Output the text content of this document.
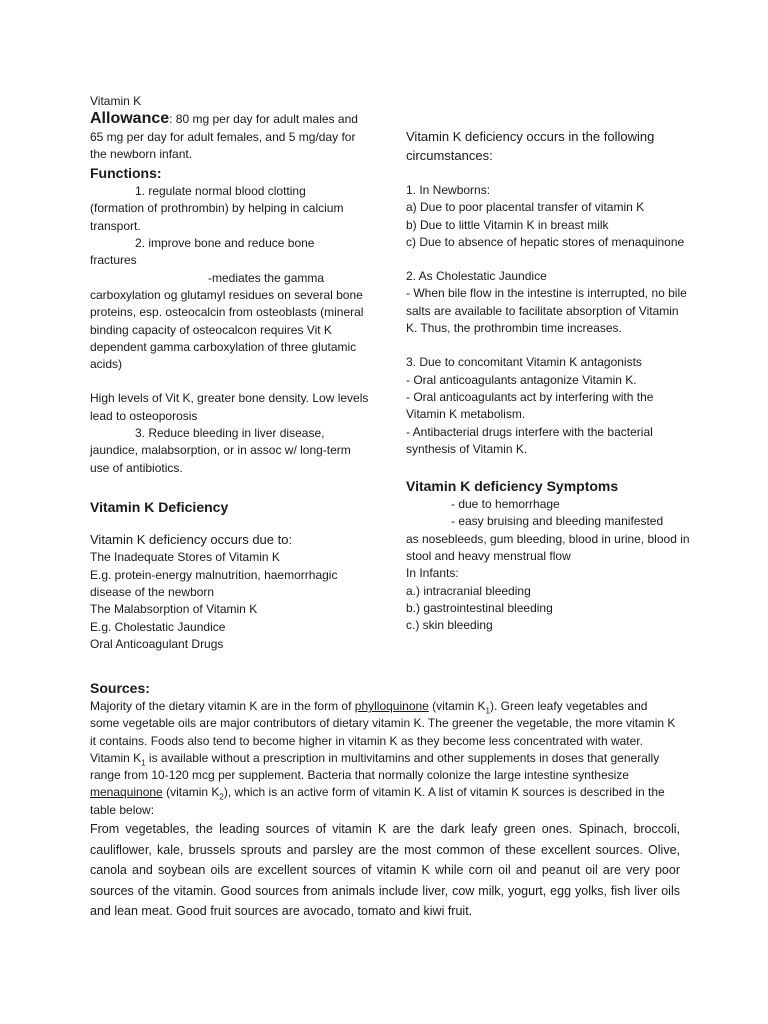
Vitamin K

Allowance: 80 mg per day for adult males and 65 mg per day for adult females, and 5 mg/day for the newborn infant.

Functions:

1. regulate normal blood clotting

(formation of prothrombin) by helping in calcium transport.

2. improve bone and reduce bone

fractures

-mediates the gamma

carboxylation og glutamyl residues on several bone proteins, esp. osteocalcin from osteoblasts (mineral binding capacity of osteocalcon requires Vit K dependent gamma carboxylation of three glutamic acids)

High levels of Vit K, greater bone density. Low levels lead to osteoporosis

3. Reduce bleeding in liver disease,

jaundice, malabsorption, or in assoc w/ long-term use of antibiotics.

Vitamin K Deficiency

Vitamin K deficiency occurs due to:

The Inadequate Stores of Vitamin K

E.g. protein-energy malnutrition, haemorrhagic disease of the newborn

The Malabsorption of Vitamin K

E.g. Cholestatic Jaundice

Oral Anticoagulant Drugs

Vitamin K deficiency occurs in the following circumstances:

1. In Newborns:

a) Due to poor placental transfer of vitamin K

b) Due to little Vitamin K in breast milk

c) Due to absence of hepatic stores of menaquinone

2. As Cholestatic Jaundice

- When bile flow in the intestine is interrupted, no bile salts are available to facilitate absorption of Vitamin K. Thus, the prothrombin time increases.

3. Due to concomitant Vitamin K antagonists

- Oral anticoagulants antagonize Vitamin K.

- Oral anticoagulants act by interfering with the Vitamin K metabolism.

- Antibacterial drugs interfere with the bacterial synthesis of Vitamin K.

Vitamin K deficiency Symptoms

- due to hemorrhage

- easy bruising and bleeding manifested

as nosebleeds, gum bleeding, blood in urine, blood in stool and heavy menstrual flow

In Infants:

a.) intracranial bleeding

b.) gastrointestinal bleeding

c.) skin bleeding

Sources:

Majority of the dietary vitamin K are in the form of phylloquinone (vitamin $K_1$). Green leafy vegetables and some vegetable oils are major contributors of dietary vitamin K. The greener the vegetable, the more vitamin K it contains. Foods also tend to become higher in vitamin K as they become less concentrated with water. Vitamin $K_1$ is available without a prescription in multivitamins and other supplements in doses that generally range from 10-120 mcg per supplement. Bacteria that normally colonize the large intestine synthesize menaquinone (vitamin $K_2$), which is an active form of vitamin K. A list of vitamin K sources is described in the table below:

From vegetables, the leading sources of vitamin K are the dark leafy green ones. Spinach, broccoli, cauliflower, kale, brussels sprouts and parsley are the most common of these excellent sources. Olive, canola and soybean oils are excellent sources of vitamin K while corn oil and peanut oil are very poor sources of the vitamin. Good sources from animals include liver, cow milk, yogurt, egg yolks, fish liver oils and lean meat. Good fruit sources are avocado, tomato and kiwi fruit.
